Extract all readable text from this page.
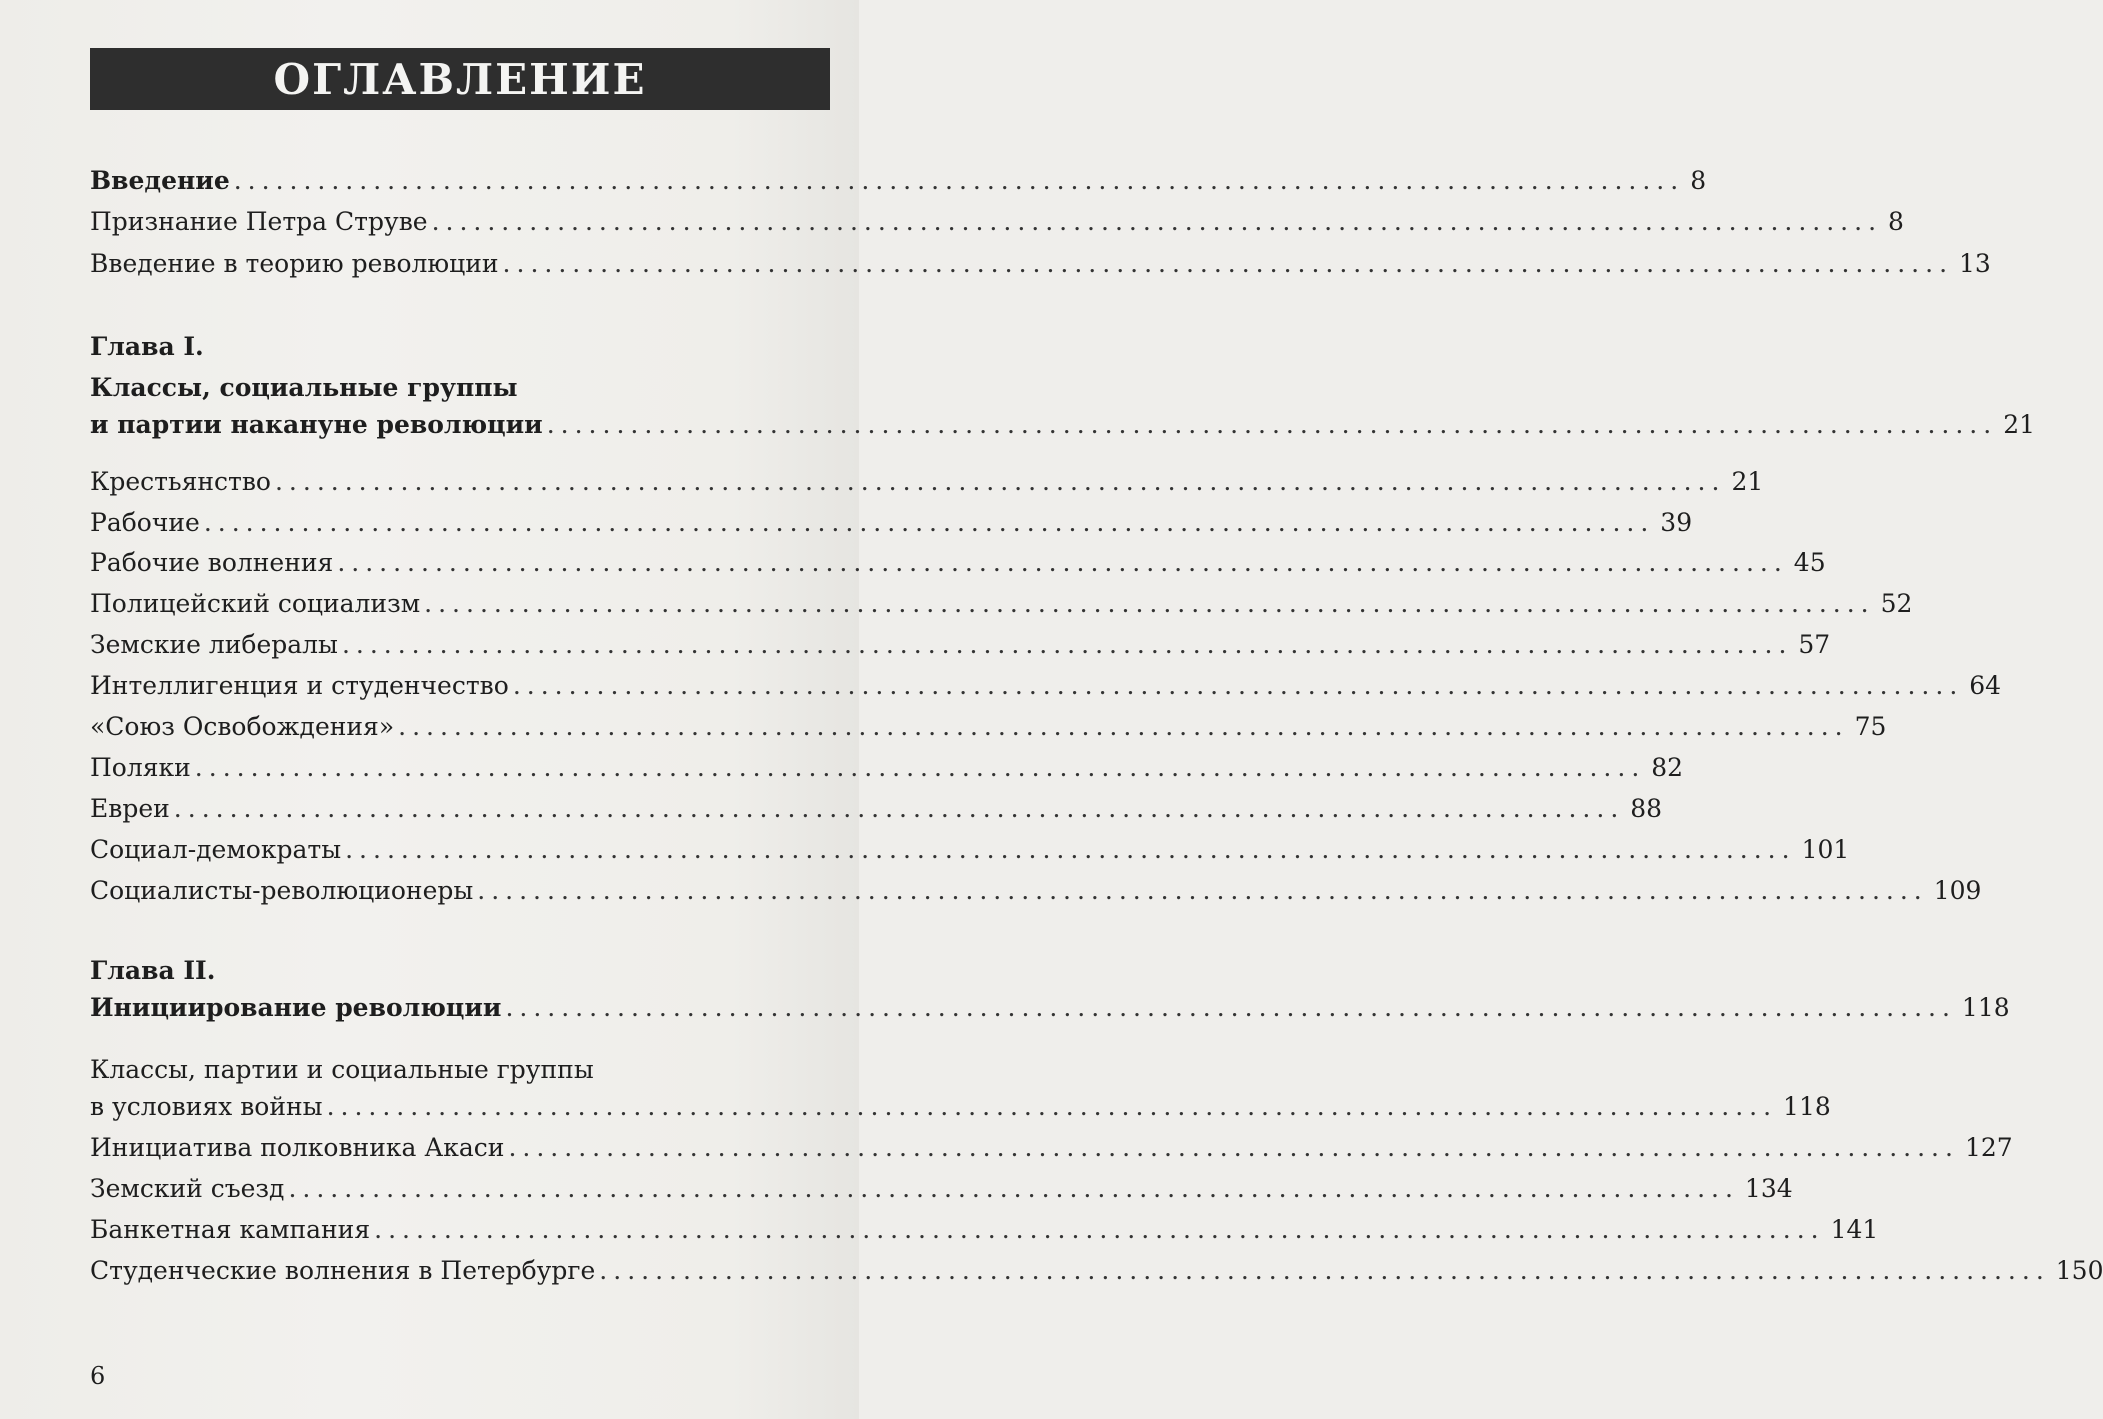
ОГЛАВЛЕНИЕ
Введение ........................................................................................................ 8
Признание Петра Струве ........................................................................................................ 8
Введение в теорию революции ........................................................................................................ 13
Глава I.
Классы, социальные группы
и партии накануне революции ........................................................................................................ 21
Крестьянство ........................................................................................................ 21
Рабочие ........................................................................................................ 39
Рабочие волнения ........................................................................................................ 45
Полицейский социализм ........................................................................................................ 52
Земские либералы ........................................................................................................ 57
Интеллигенция и студенчество ........................................................................................................ 64
«Союз Освобождения» ........................................................................................................ 75
Поляки ........................................................................................................ 82
Евреи ........................................................................................................ 88
Социал-демократы ........................................................................................................ 101
Социалисты-революционеры ........................................................................................................ 109
Глава II.
Инициирование революции ........................................................................................................ 118
Классы, партии и социальные группы
в условиях войны ........................................................................................................ 118
Инициатива полковника Акаси ........................................................................................................ 127
Земский съезд ........................................................................................................ 134
Банкетная кампания ........................................................................................................ 141
Студенческие волнения в Петербурге ........................................................................................................ 150
6
